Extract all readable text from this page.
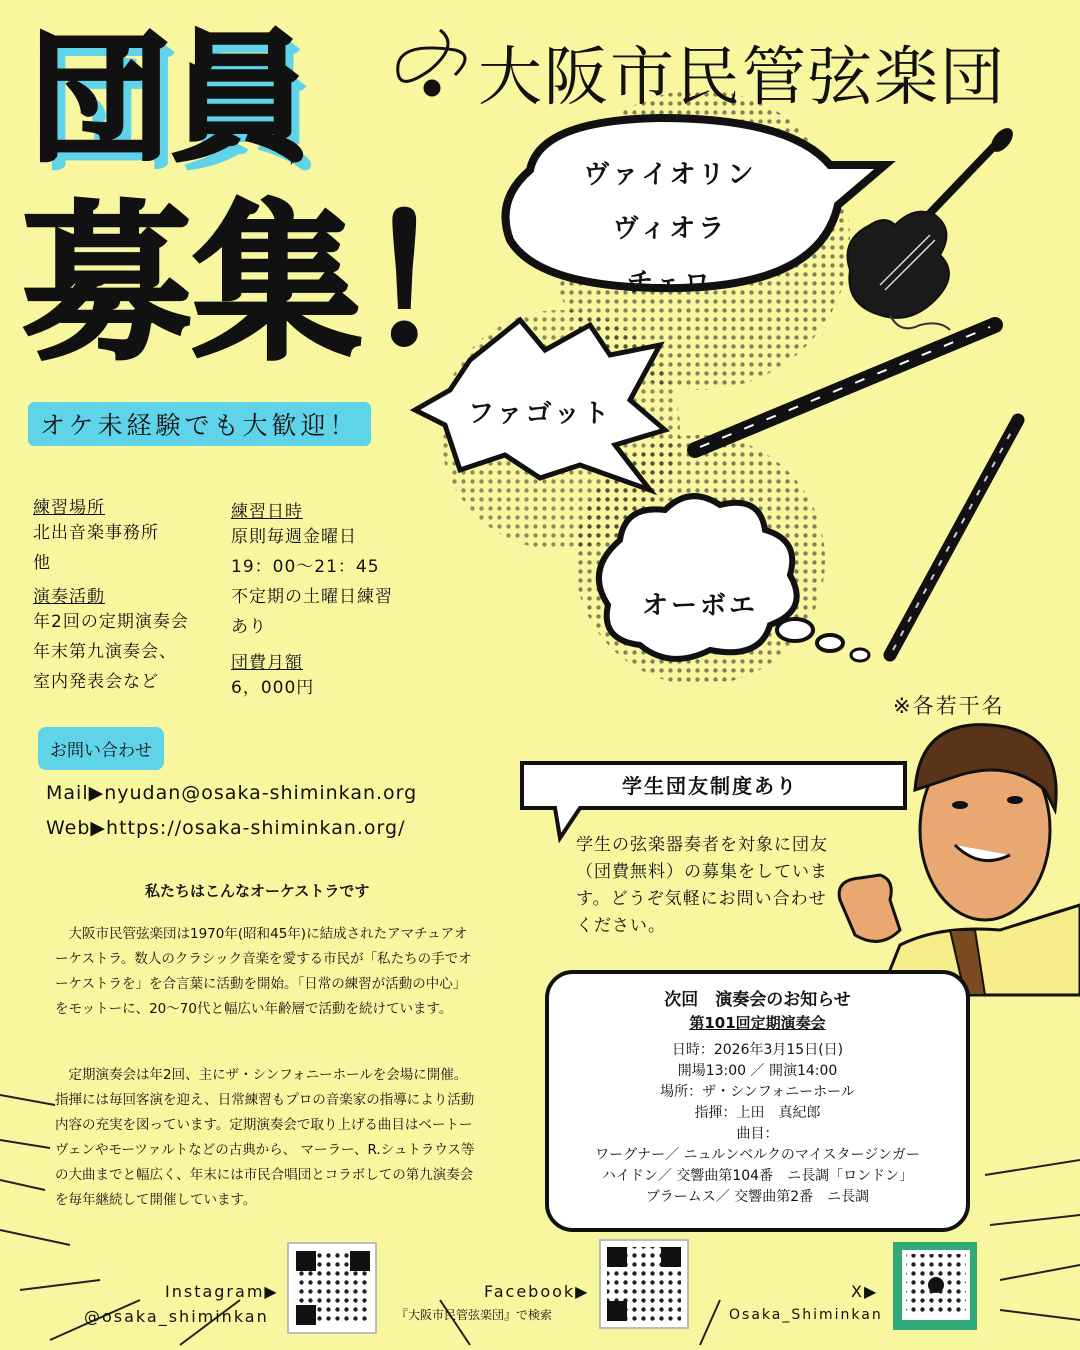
大阪市民管弦楽団
団員
募集！
オケ未経験でも大歓迎！
練習場所
北出音楽事務所
他
演奏活動
年2回の定期演奏会
年末第九演奏会、
室内発表会など
練習日時
原則毎週金曜日
19：00～21：45
不定期の土曜日練習
あり
団費月額
6，000円
お問い合わせ
Mail▶nyudan@osaka-shiminkan.org
Web▶https://osaka-shiminkan.org/
私たちはこんなオーケストラです

大阪市民管弦楽団は1970年(昭和45年)に結成されたアマチュアオーケストラ。数人のクラシック音楽を愛する市民が「私たちの手でオーケストラを」を合言葉に活動を開始。「日常の練習が活動の中心」をモットーに、20～70代と幅広い年齢層で活動を続けています。

定期演奏会は年2回、主にザ・シンフォニーホールを会場に開催。指揮には毎回客演を迎え、日常練習もプロの音楽家の指導により活動内容の充実を図っています。定期演奏会で取り上げる曲目はベートーヴェンやモーツァルトなどの古典から、 マーラー、R.シュトラウス等の大曲までと幅広く、年末には市民合唱団とコラボしての第九演奏会を毎年継続して開催しています。

ヴァイオリン
ヴィオラ
チェロ
ファゴット
オーボエ
※各若干名
学生団友制度あり
学生の弦楽器奏者を対象に団友（団費無料）の募集をしています。どうぞ気軽にお問い合わせください。
次回　演奏会のお知らせ
第101回定期演奏会
日時：2026年3月15日(日)
開場13:00 ／ 開演14:00
場所：ザ・シンフォニーホール
指揮：上田　真紀郎
曲目：
ワーグナー／ ニュルンベルクのマイスタージンガー
ハイドン／ 交響曲第104番　ニ長調「ロンドン」
ブラームス／ 交響曲第2番　ニ長調
Instagram▶
@osaka_shiminkan
Facebook▶
『大阪市民管弦楽団』で検索
X▶
Osaka_Shiminkan
